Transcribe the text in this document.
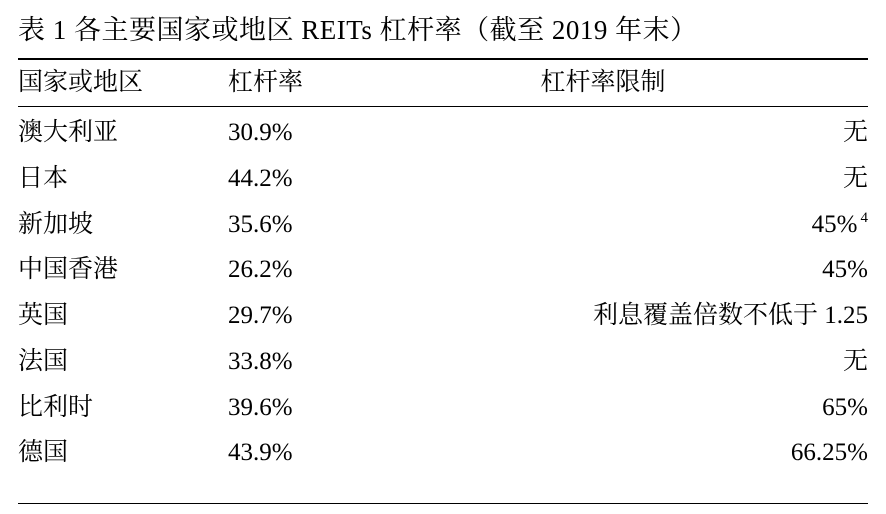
表 1 各主要国家或地区 REITs 杠杆率（截至 2019 年末）
国家或地区	杠杆率	杠杆率限制
澳大利亚	30.9%	无
日本	44.2%	无
新加坡	35.6%	45% $^4$
中国香港	26.2%	45%
英国	29.7%	利息覆盖倍数不低于 1.25
法国	33.8%	无
比利时	39.6%	65%
德国	43.9%	66.25%
